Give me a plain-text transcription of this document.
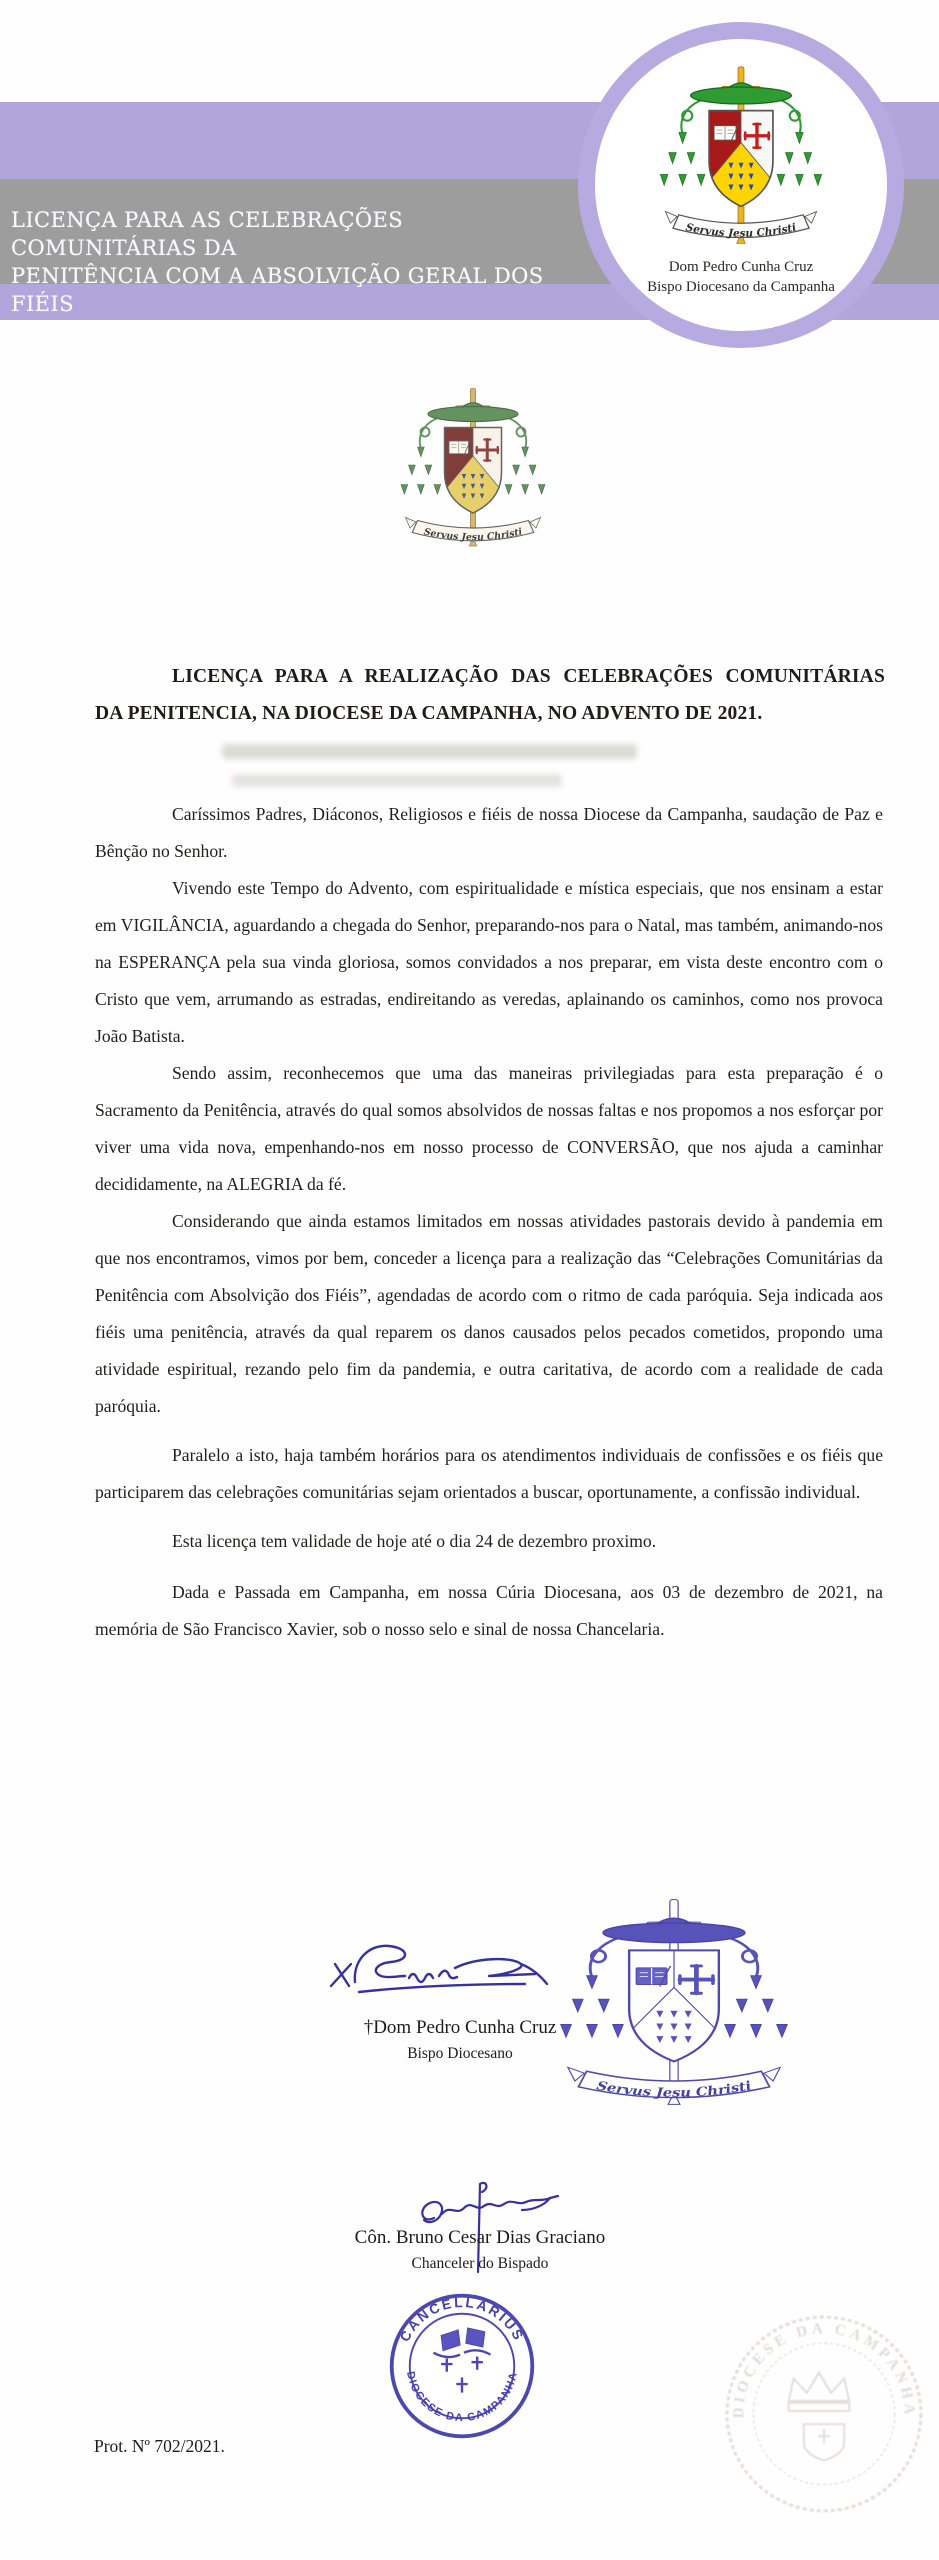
LICENÇA PARA AS CELEBRAÇÕES COMUNITÁRIAS DA
PENITÊNCIA COM A ABSOLVIÇÃO GERAL DOS FIÉIS
Dom Pedro Cunha Cruz
Bispo Diocesano da Campanha
LICENÇA PARA A REALIZAÇÃO DAS CELEBRAÇÕES COMUNITÁRIAS
DA PENITENCIA, NA DIOCESE DA CAMPANHA, NO ADVENTO DE 2021.

Caríssimos Padres, Diáconos, Religiosos e fiéis de nossa Diocese da Campanha, saudação de Paz e Bênção no Senhor.

Vivendo este Tempo do Advento, com espiritualidade e mística especiais, que nos ensinam a estar em VIGILÂNCIA, aguardando a chegada do Senhor, preparando-nos para o Natal, mas também, animando-nos na ESPERANÇA pela sua vinda gloriosa, somos convidados a nos preparar, em vista deste encontro com o Cristo que vem, arrumando as estradas, endireitando as veredas, aplainando os caminhos, como nos provoca João Batista.

Sendo assim, reconhecemos que uma das maneiras privilegiadas para esta preparação é o Sacramento da Penitência, através do qual somos absolvidos de nossas faltas e nos propomos a nos esforçar por viver uma vida nova, empenhando-nos em nosso processo de CONVERSÃO, que nos ajuda a caminhar decididamente, na ALEGRIA da fé.

Considerando que ainda estamos limitados em nossas atividades pastorais devido à pandemia em que nos encontramos, vimos por bem, conceder a licença para a realização das “Celebrações Comunitárias da Penitência com Absolvição dos Fiéis”, agendadas de acordo com o ritmo de cada paróquia. Seja indicada aos fiéis uma penitência, através da qual reparem os danos causados pelos pecados cometidos, propondo uma atividade espiritual, rezando pelo fim da pandemia, e outra caritativa, de acordo com a realidade de cada paróquia.

Paralelo a isto, haja também horários para os atendimentos individuais de confissões e os fiéis que participarem das celebrações comunitárias sejam orientados a buscar, oportunamente, a confissão individual.

Esta licença tem validade de hoje até o dia 24 de dezembro proximo.

Dada e Passada em Campanha, em nossa Cúria Diocesana, aos 03 de dezembro de 2021, na memória de São Francisco Xavier, sob o nosso selo e sinal de nossa Chancelaria.

†Dom Pedro Cunha Cruz
Bispo Diocesano
Côn. Bruno Cesar Dias Graciano
Chanceler do Bispado
CANCELLARIUS
DIOCESE DA CAMPANHA
DIOCESE DA CAMPANHA
Prot. Nº 702/2021.
